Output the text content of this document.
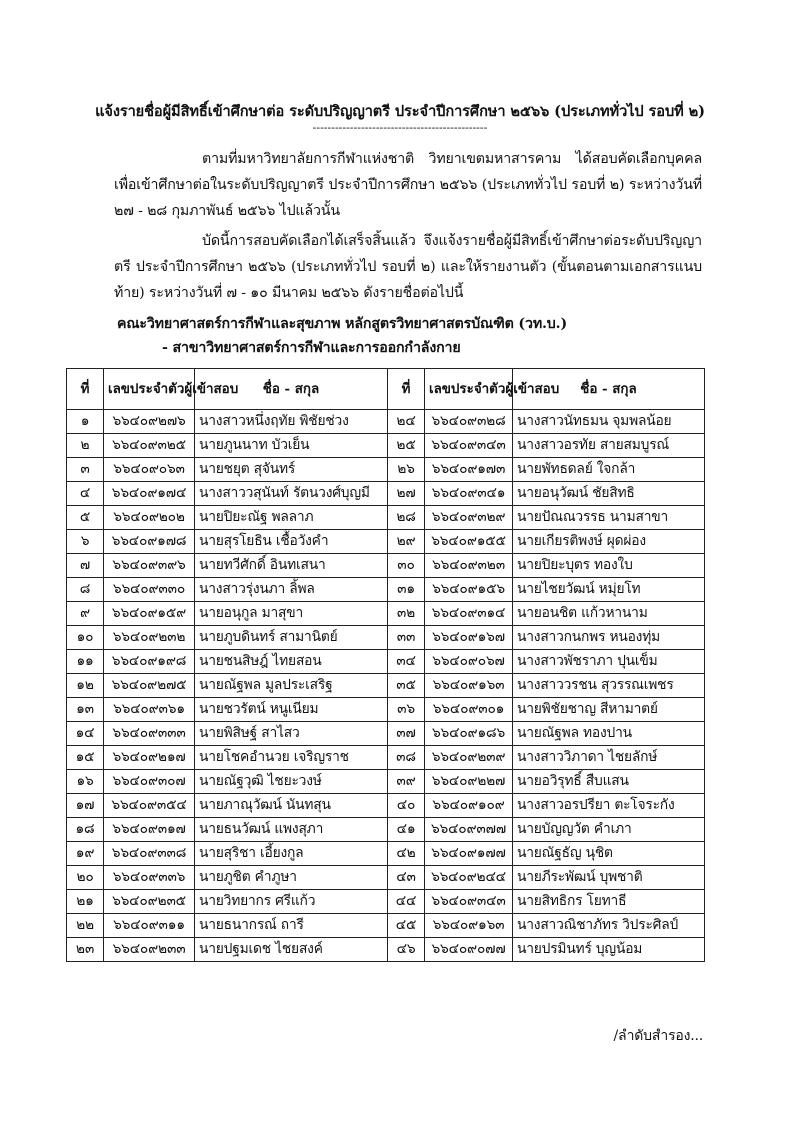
แจ้งรายชื่อผู้มีสิทธิ์เข้าศึกษาต่อ ระดับปริญญาตรี ประจำปีการศึกษา ๒๕๖๖ (ประเภททั่วไป รอบที่ ๒)
-----------------------------------------------
ตามที่มหาวิทยาลัยการกีฬาแห่งชาติ วิทยาเขตมหาสารคาม ได้สอบคัดเลือกบุคคลเพื่อเข้าศึกษาต่อในระดับปริญญาตรี ประจำปีการศึกษา ๒๕๖๖ (ประเภททั่วไป รอบที่ ๒) ระหว่างวันที่ ๒๗ - ๒๘ กุมภาพันธ์ ๒๕๖๖ ไปแล้วนั้น
บัดนี้การสอบคัดเลือกได้เสร็จสิ้นแล้ว จึงแจ้งรายชื่อผู้มีสิทธิ์เข้าศึกษาต่อระดับปริญญาตรี ประจำปีการศึกษา ๒๕๖๖ (ประเภททั่วไป รอบที่ ๒) และให้รายงานตัว (ขั้นตอนตามเอกสารแนบท้าย) ระหว่างวันที่ ๗ - ๑๐ มีนาคม ๒๕๖๖ ดังรายชื่อต่อไปนี้
คณะวิทยาศาสตร์การกีฬาและสุขภาพ หลักสูตรวิทยาศาสตรบัณฑิต (วท.บ.)
- สาขาวิทยาศาสตร์การกีฬาและการออกกำลังกาย
ที่	เลขประจำตัวผู้เข้าสอบ	ชื่อ - สกุล	ที่	เลขประจำตัวผู้เข้าสอบ	ชื่อ - สกุล
๑	๖๖๔๐๙๒๗๖	นางสาวหนึ่งฤทัย พิชัยช่วง	๒๔	๖๖๔๐๙๓๒๘	นางสาวนัทธมน จุมพลน้อย
๒	๖๖๔๐๙๓๒๕	นายภูนนาท บัวเย็น	๒๕	๖๖๔๐๙๓๔๓	นางสาวอรทัย สายสมบูรณ์
๓	๖๖๔๐๙๐๖๓	นายชยุต สุจันทร์	๒๖	๖๖๔๐๙๑๗๓	นายพัทธดลย์ ใจกล้า
๔	๖๖๔๐๙๑๗๔	นางสาววสุนันท์ รัตนวงศ์บุญมี	๒๗	๖๖๔๐๙๓๔๑	นายอนุวัฒน์ ชัยสิทธิ
๕	๖๖๔๐๙๒๐๒	นายปิยะณัฐ พลลาภ	๒๘	๖๖๔๐๙๓๒๙	นายปัณณวรรธ นามสาขา
๖	๖๖๔๐๙๑๗๘	นายสุรโยธิน เชื้อวังคำ	๒๙	๖๖๔๐๙๑๕๕	นายเกียรติพงษ์ ผุดผ่อง
๗	๖๖๔๐๙๓๙๖	นายทวีศักดิ์ อินทเสนา	๓๐	๖๖๔๐๙๓๒๓	นายปิยะบุตร ทองใบ
๘	๖๖๔๐๙๓๓๐	นางสาวรุ่งนภา ลิ้พล	๓๑	๖๖๔๐๙๑๕๖	นายไชยวัฒน์ หมุ่ยโท
๙	๖๖๔๐๙๑๕๙	นายอนุกูล มาสุขา	๓๒	๖๖๔๐๙๓๑๔	นายอนชิต แก้วหานาม
๑๐	๖๖๔๐๙๒๓๒	นายภูบดินทร์ สามานิตย์	๓๓	๖๖๔๐๙๑๖๗	นางสาวกนกพร หนองทุ่ม
๑๑	๖๖๔๐๙๑๙๘	นายชนสิษฎ์ ไทยสอน	๓๔	๖๖๔๐๙๐๖๗	นางสาวพัชราภา ปุนเข็ม
๑๒	๖๖๔๐๙๒๗๕	นายณัฐพล มูลประเสริฐ	๓๕	๖๖๔๐๙๑๖๓	นางสาววรชน สุวรรณเพชร
๑๓	๖๖๔๐๙๓๖๑	นายชวรัตน์ หนูเนียม	๓๖	๖๖๔๐๙๓๐๑	นายพิชัยชาญ สีหามาตย์
๑๔	๖๖๔๐๙๓๓๓	นายพิสิษฐ์ สาไสว	๓๗	๖๖๔๐๙๑๘๖	นายณัฐพล ทองปาน
๑๕	๖๖๔๐๙๒๑๗	นายโชคอำนวย เจริญราช	๓๘	๖๖๔๐๙๒๓๙	นางสาววิภาดา ไชยลักษ์
๑๖	๖๖๔๐๙๓๐๗	นายณัฐวุฒิ ไชยะวงษ์	๓๙	๖๖๔๐๙๒๒๗	นายอวิรุทธิ์ สืบแสน
๑๗	๖๖๔๐๙๓๕๔	นายภาณุวัฒน์ นันทสุน	๔๐	๖๖๔๐๙๑๐๙	นางสาวอรปรียา ตะโจระกัง
๑๘	๖๖๔๐๙๓๑๗	นายธนวัฒน์ แพงสุภา	๔๑	๖๖๔๐๙๓๗๗	นายบัญญวัต คำเภา
๑๙	๖๖๔๐๙๓๓๘	นายสุริชา เอี้ยงกูล	๔๒	๖๖๔๐๙๑๗๗	นายณัฐธัญ นุชิต
๒๐	๖๖๔๐๙๓๓๖	นายภูชิต คำภูษา	๔๓	๖๖๔๐๙๒๔๔	นายภีระพัฒน์ บุพชาติ
๒๑	๖๖๔๐๙๒๓๕	นายวิทยากร ศรีแก้ว	๔๔	๖๖๔๐๙๓๔๓	นายสิทธิกร โยทาธี
๒๒	๖๖๔๐๙๓๑๑	นายธนากรณ์ ถารี	๔๕	๖๖๔๐๙๑๖๓	นางสาวณิชาภัทร วิประศิลป์
๒๓	๖๖๔๐๙๒๓๓	นายปฐมเดช ไชยสงค์	๔๖	๖๖๔๐๙๐๗๗	นายปรมินทร์ บุญน้อม
/ลำดับสำรอง...
